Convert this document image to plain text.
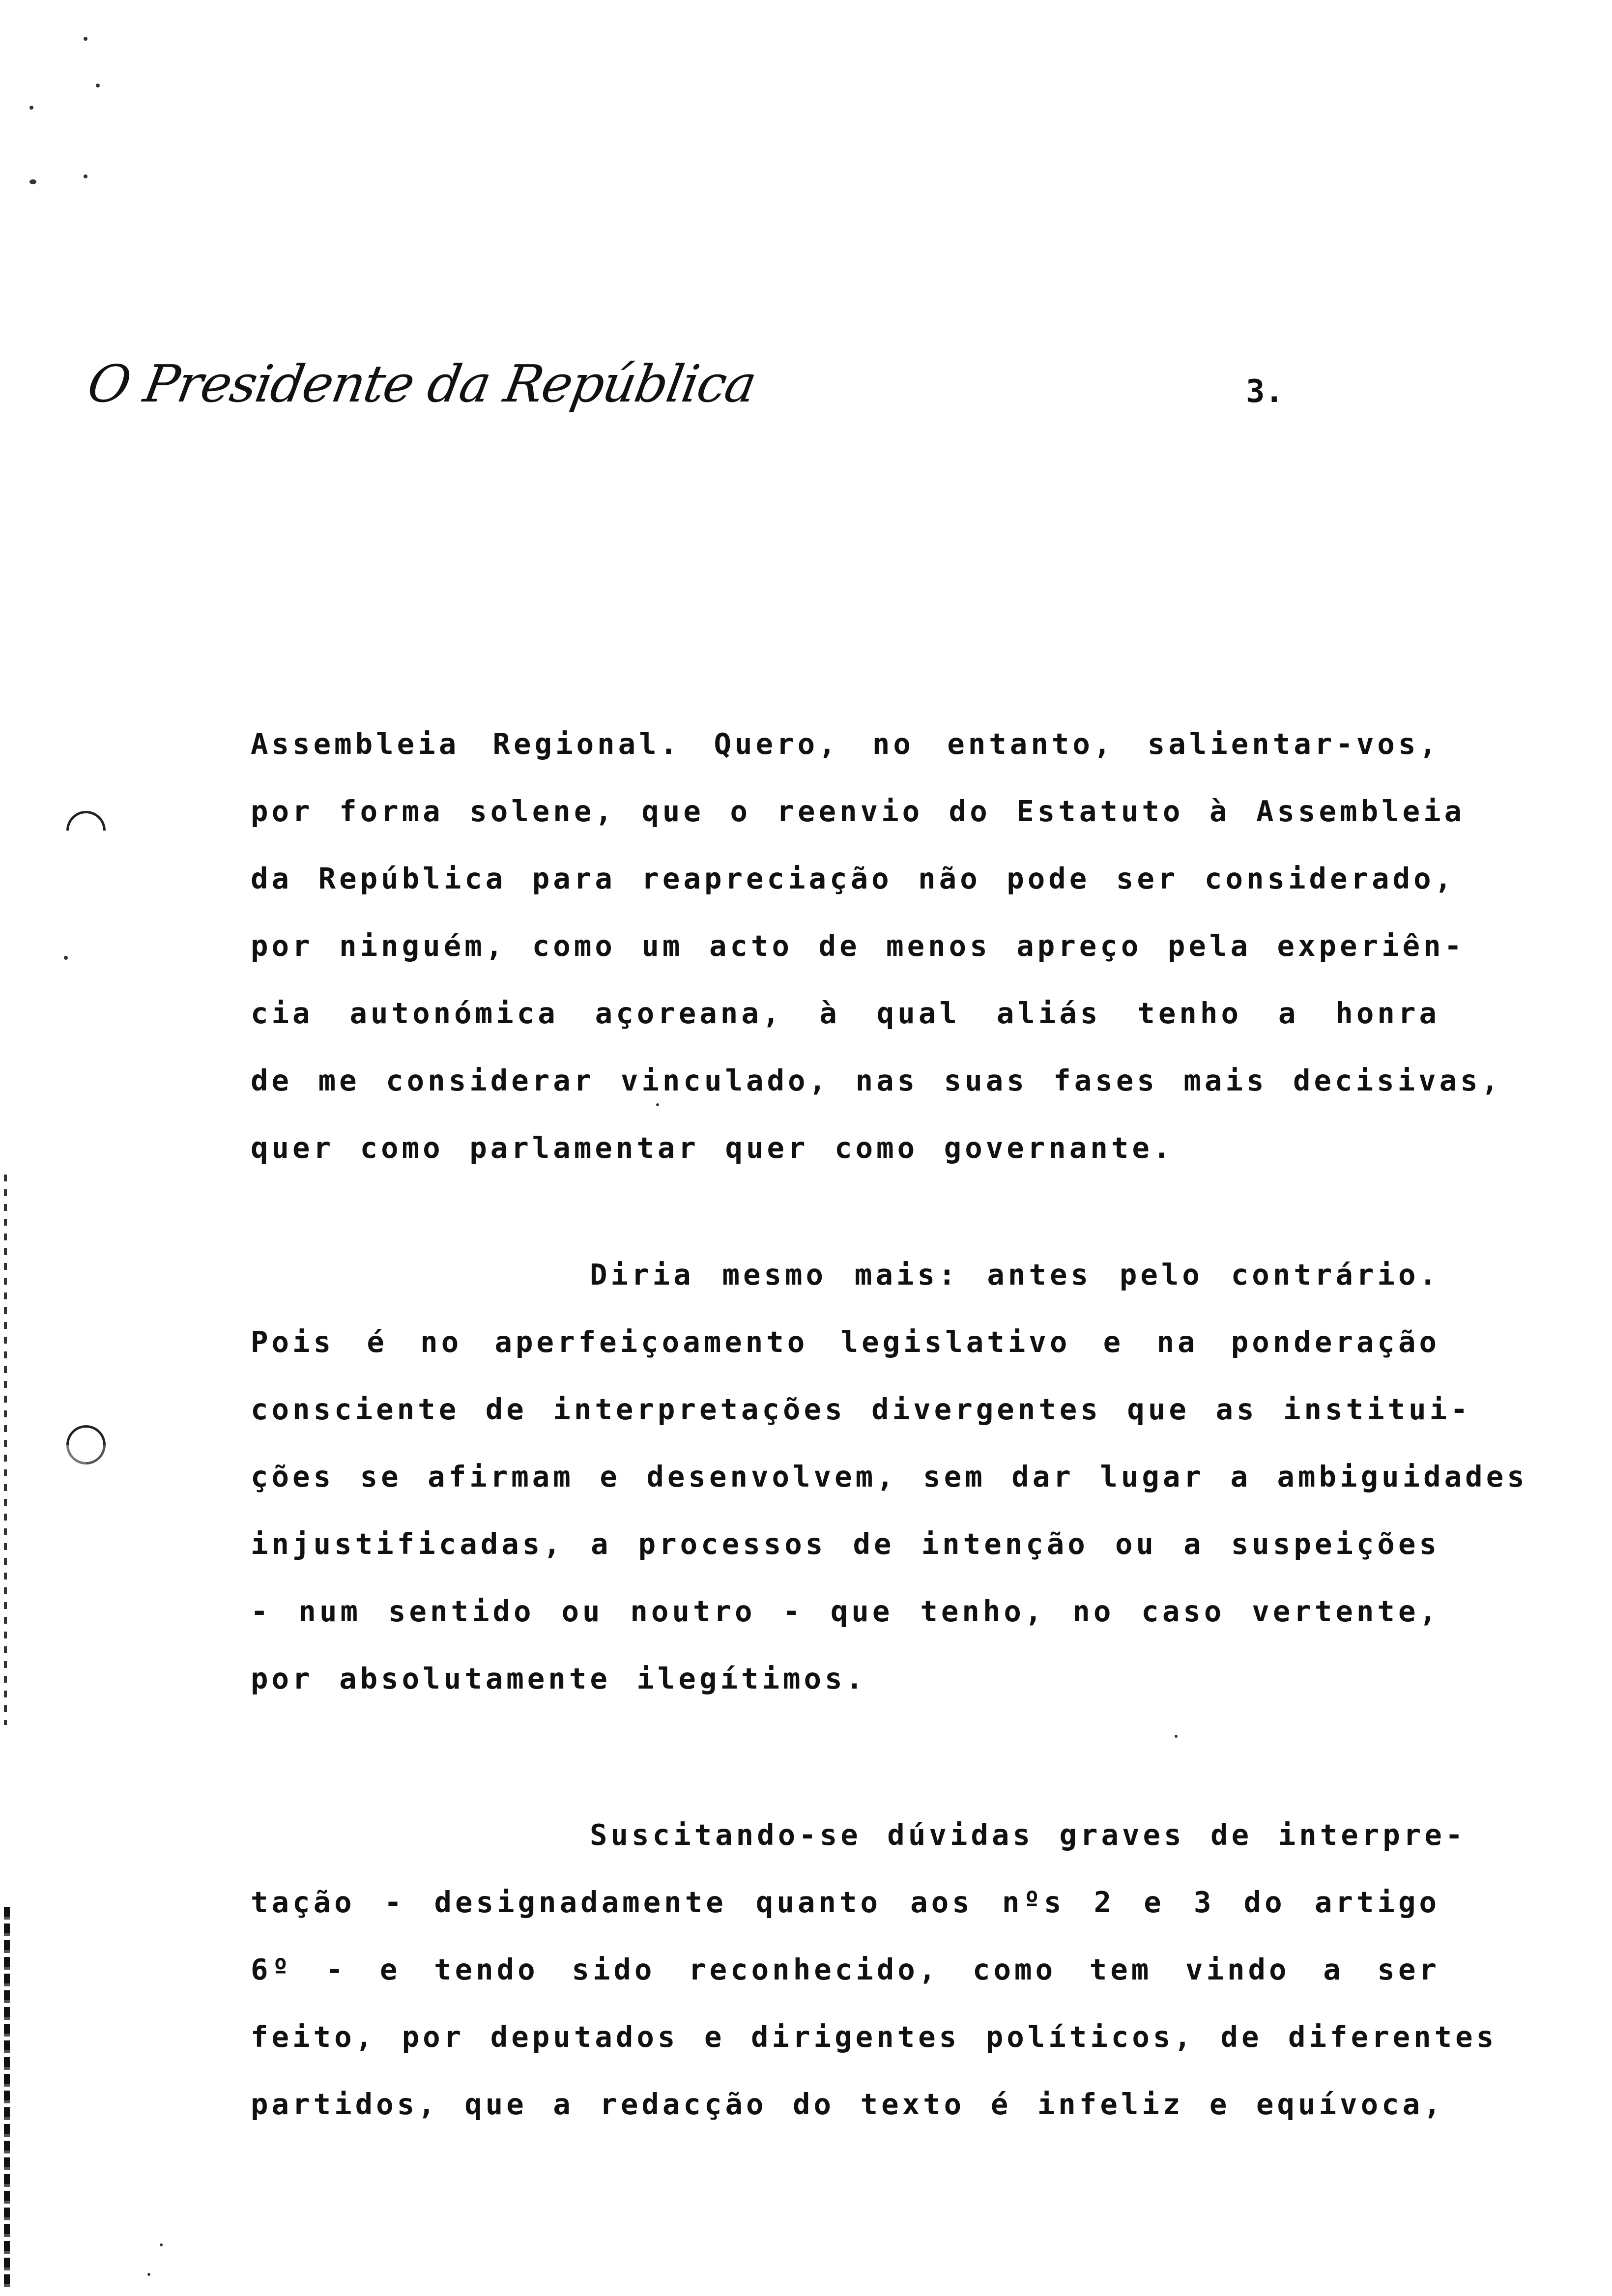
O Presidente da República	3.
Assembleia Regional. Quero, no entanto, salientar-vos,
por forma solene, que o reenvio do Estatuto à Assembleia
da República para reapreciação não pode ser considerado,
por ninguém, como um acto de menos apreço pela experiên-
cia autonómica açoreana, à qual aliás tenho a honra
de me considerar vinculado, nas suas fases mais decisivas,
quer como parlamentar quer como governante.
Diria mesmo mais: antes pelo contrário.
Pois é no aperfeiçoamento legislativo e na ponderação
consciente de interpretações divergentes que as institui-
ções se afirmam e desenvolvem, sem dar lugar a ambiguidades
injustificadas, a processos de intenção ou a suspeições
- num sentido ou noutro - que tenho, no caso vertente,
por absolutamente ilegítimos.
Suscitando-se dúvidas graves de interpre-
tação - designadamente quanto aos nºs 2 e 3 do artigo
6º - e tendo sido reconhecido, como tem vindo a ser
feito, por deputados e dirigentes políticos, de diferentes
partidos, que a redacção do texto é infeliz e equívoca,
